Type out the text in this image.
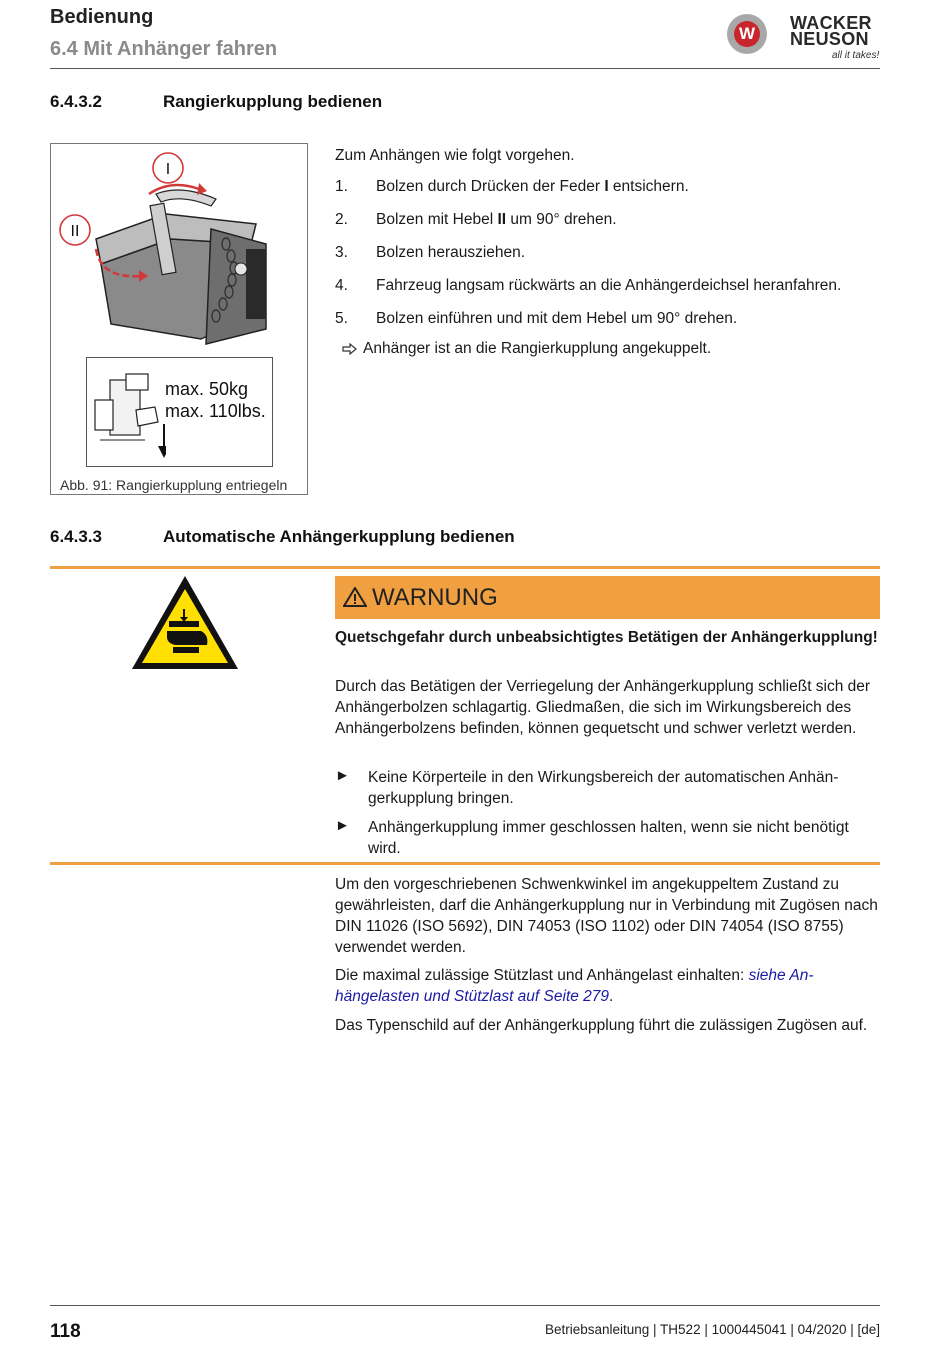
Bedienung
6.4 Mit Anhänger fahren
W
WACKER
NEUSON
all it takes!
6.4.3.2	Rangierkupplung bedienen
I
II
max. 50kg
max. 110lbs.
Abb. 91: Rangierkupplung entriegeln
Zum Anhängen wie folgt vorgehen.
1. Bolzen durch Drücken der Feder I entsichern.
2. Bolzen mit Hebel II um 90° drehen.
3. Bolzen herausziehen.
4. Fahrzeug langsam rückwärts an die Anhängerdeichsel heranfahren.
5. Bolzen einführen und mit dem Hebel um 90° drehen.
Anhänger ist an die Rangierkupplung angekuppelt.
6.4.3.3	Automatische Anhängerkupplung bedienen
WARNUNG
Quetschgefahr durch unbeabsichtigtes Betätigen der Anhängerkupplung!
Durch das Betätigen der Verriegelung der Anhängerkupplung schließt sich der Anhängerbolzen schlagartig. Gliedmaßen, die sich im Wirkungsbereich des Anhängerbolzens befinden, können gequetscht und schwer verletzt werden.
► Keine Körperteile in den Wirkungsbereich der automatischen Anhängerkupplung bringen.
► Anhängerkupplung immer geschlossen halten, wenn sie nicht benötigt wird.
Um den vorgeschriebenen Schwenkwinkel im angekuppeltem Zustand zu gewährleisten, darf die Anhängerkupplung nur in Verbindung mit Zugösen nach DIN 11026 (ISO 5692), DIN 74053 (ISO 1102) oder DIN 74054 (ISO 8755) verwendet werden.
Die maximal zulässige Stützlast und Anhängelast einhalten: siehe Anhängelasten und Stützlast auf Seite 279.
Das Typenschild auf der Anhängerkupplung führt die zulässigen Zugösen auf.
118	Betriebsanleitung | TH522 | 1000445041 | 04/2020 | [de]
